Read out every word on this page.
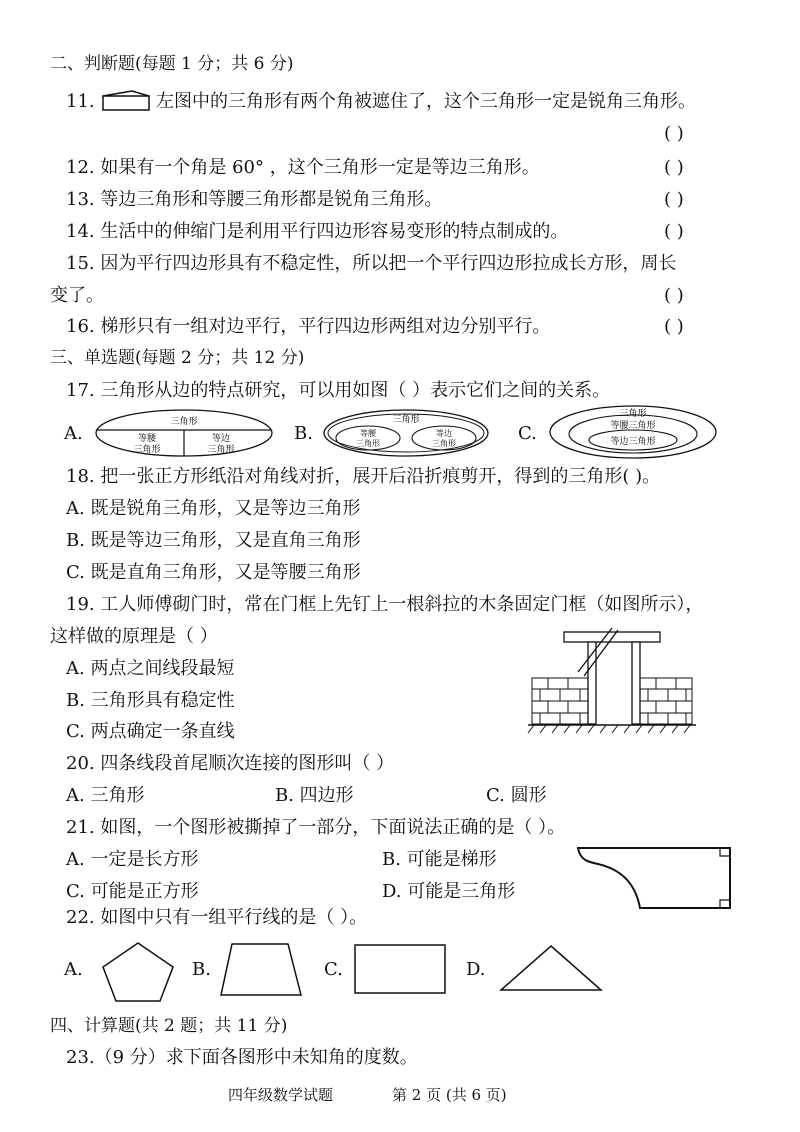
二、判断题(每题 1 分；共 6 分)
11.	左图中的三角形有两个角被遮住了，这个三角形一定是锐角三角形。
( )
12. 如果有一个角是 60° ，这个三角形一定是等边三角形。	( )
13. 等边三角形和等腰三角形都是锐角三角形。	( )
14. 生活中的伸缩门是利用平行四边形容易变形的特点制成的。	( )
15. 因为平行四边形具有不稳定性，所以把一个平行四边形拉成长方形，周长
变了。	( )
16. 梯形只有一组对边平行，平行四边形两组对边分别平行。	( )
三、单选题(每题 2 分；共 12 分)
17. 三角形从边的特点研究，可以用如图（ ）表示它们之间的关系。
A.
三角形
等腰
三角形
等边
三角形
B.
三角形
等腰
三角形
等边
三角形	C.
三角形
等腰三角形
等边三角形
18. 把一张正方形纸沿对角线对折，展开后沿折痕剪开，得到的三角形( )。
A. 既是锐角三角形，又是等边三角形
B. 既是等边三角形，又是直角三角形
C. 既是直角三角形，又是等腰三角形
19. 工人师傅砌门时，常在门框上先钉上一根斜拉的木条固定门框（如图所示），
这样做的原理是（ ）
A. 两点之间线段最短
B. 三角形具有稳定性
C. 两点确定一条直线
20. 四条线段首尾顺次连接的图形叫（ ）
A. 三角形	B. 四边形	C. 圆形
21. 如图，一个图形被撕掉了一部分，下面说法正确的是（ ）。
A. 一定是长方形	B. 可能是梯形
C. 可能是正方形	D. 可能是三角形
22. 如图中只有一组平行线的是（ ）。
A.	B.	C.	D.
四、计算题(共 2 题；共 11 分)
23.（9 分）求下面各图形中未知角的度数。
四年级数学试题	第 2 页 (共 6 页)
